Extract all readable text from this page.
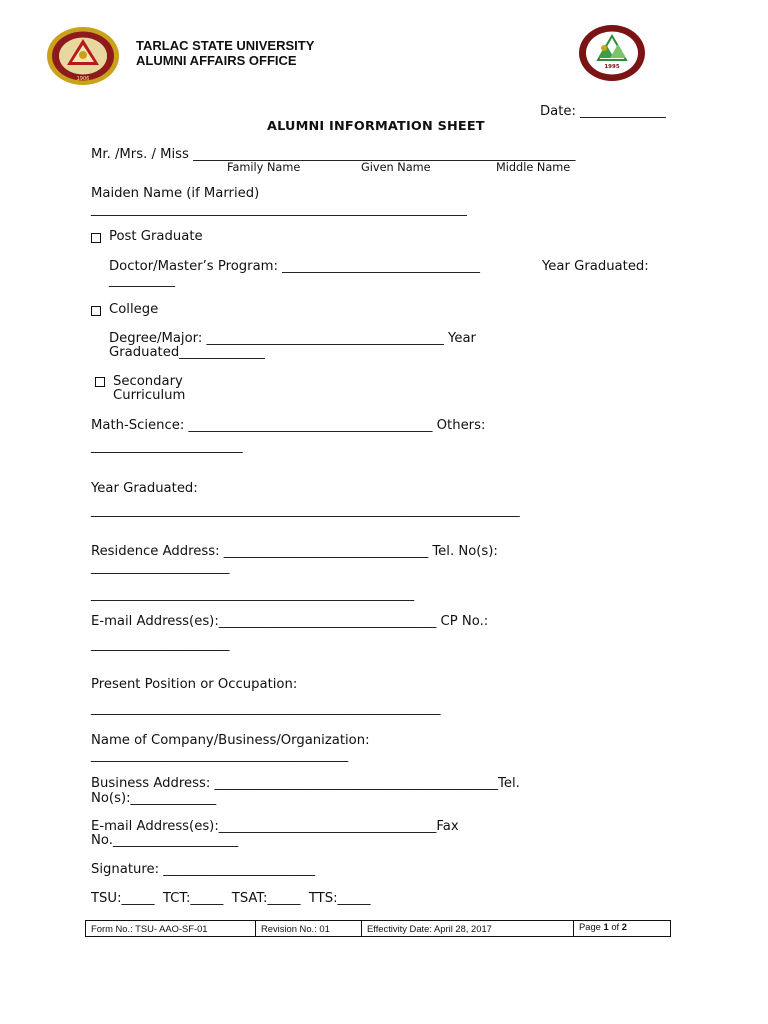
1906
TARLAC STATE UNIVERSITY
ALUMNI AFFAIRS OFFICE	1995
Date: _____________
ALUMNI INFORMATION SHEET
Mr. /Mrs. / Miss __________________________________________________________
Family Name	Given Name	Middle Name
Maiden Name (if Married)
_________________________________________________________
Post Graduate
Doctor/Master’s Program: ______________________________	Year Graduated:
__________
College
Degree/Major: ____________________________________ Year
Graduated_____________
Secondary
Curriculum
Math-Science: _____________________________________ Others:
_______________________
Year Graduated:
_________________________________________________________________
Residence Address: _______________________________ Tel. No(s):
_____________________
_________________________________________________
E-mail Address(es):_________________________________ CP No.:
_____________________
Present Position or Occupation:
_____________________________________________________
Name of Company/Business/Organization:
_______________________________________
Business Address: ___________________________________________Tel.
No(s):_____________
E-mail Address(es):_________________________________Fax
No.___________________
Signature: _______________________
TSU:_____  TCT:_____  TSAT:_____  TTS:_____
Form No.: TSU- AAO-SF-01	Revision No.: 01	Effectivity Date: April 28, 2017	Page 1 of 2
